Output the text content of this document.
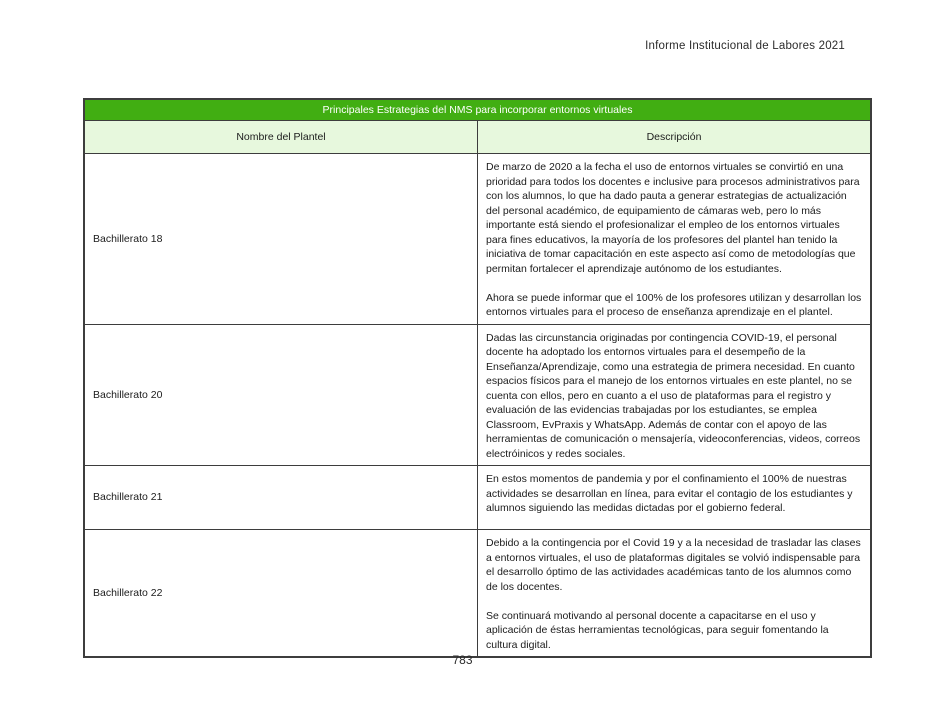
Informe Institucional de Labores 2021
Principales Estrategias del NMS para incorporar entornos virtuales	
Nombre del Plantel	Descripción
Bachillerato 18	De marzo de 2020 a la fecha el uso de entornos virtuales se convirtió en una prioridad para todos los docentes e inclusive para procesos administrativos para con los alumnos, lo que ha dado pauta a generar estrategias de actualización del personal académico, de equipamiento de cámaras web, pero lo más importante está siendo el profesionalizar el empleo de los entornos virtuales para fines educativos, la mayoría de los profesores del plantel han tenido la iniciativa de tomar capacitación en este aspecto así como de metodologías que permitan fortalecer el aprendizaje autónomo de los estudiantes.

Ahora se puede informar que el 100% de los profesores utilizan y desarrollan los entornos virtuales para el proceso de enseñanza aprendizaje en el plantel.

Bachillerato 20	Dadas las circunstancia originadas por contingencia COVID-19, el personal docente ha adoptado los entornos virtuales para el desempeño de la Enseñanza/Aprendizaje, como una estrategia de primera necesidad. En cuanto espacios físicos para el manejo de los entornos virtuales en este plantel, no se cuenta con ellos, pero en cuanto a el uso de plataformas para el registro y evaluación de las evidencias trabajadas por los estudiantes, se emplea Classroom, EvPraxis y WhatsApp. Además de contar con el apoyo de las herramientas de comunicación o mensajería, videoconferencias, videos, correos electróinicos y redes sociales.

Bachillerato 21	En estos momentos de pandemia y por el confinamiento el 100% de nuestras actividades se desarrollan en línea, para evitar el contagio de los estudiantes y alumnos siguiendo las medidas dictadas por el gobierno federal.

Bachillerato 22	Debido a la contingencia por el Covid 19 y a la necesidad de trasladar las clases a entornos virtuales, el uso de plataformas digitales se volvió indispensable para el desarrollo óptimo de las actividades académicas tanto de los alumnos como de los docentes.

Se continuará motivando al personal docente a capacitarse en el uso y aplicación de éstas herramientas tecnológicas, para seguir fomentando la cultura digital.

783
